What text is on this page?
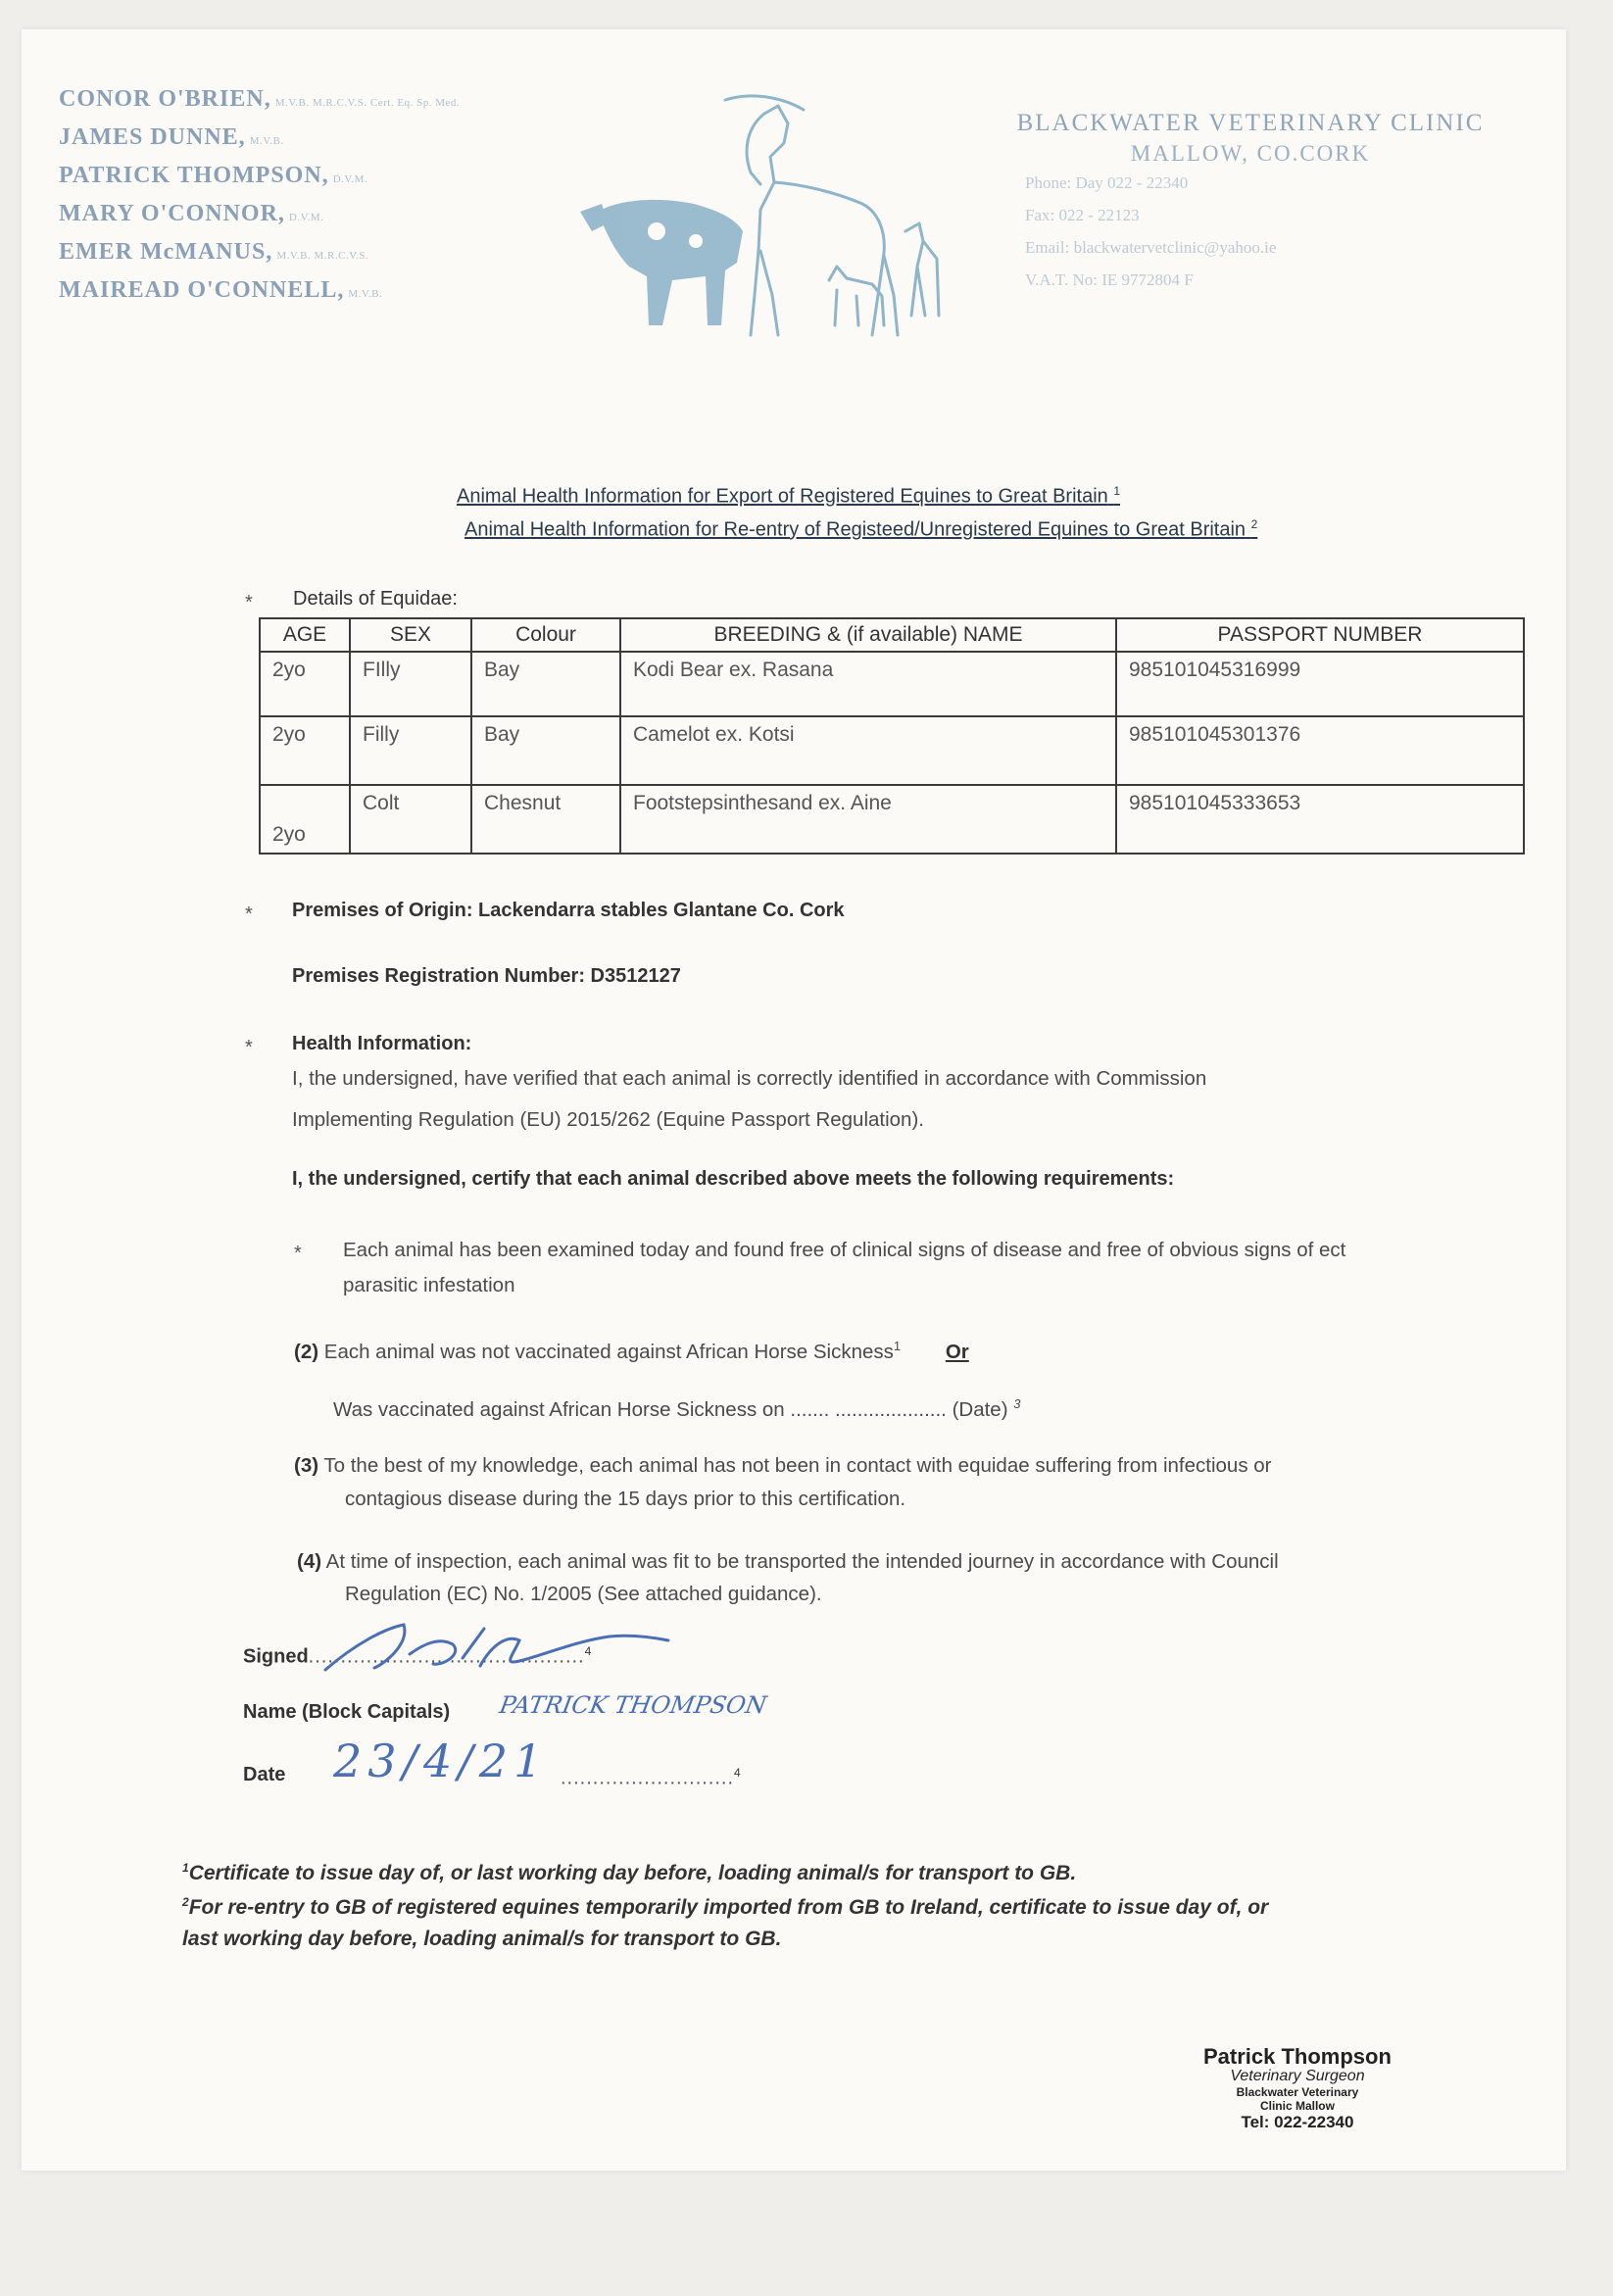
CONOR O'BRIEN, M.V.B. M.R.C.V.S. Cert. Eq. Sp. Med.
JAMES DUNNE, M.V.B.
PATRICK THOMPSON, D.V.M.
MARY O'CONNOR, D.V.M.
EMER McMANUS, M.V.B. M.R.C.V.S.
MAIREAD O'CONNELL, M.V.B.
BLACKWATER VETERINARY CLINIC
MALLOW, CO.CORK
Phone: Day 022 - 22340
Fax: 022 - 22123
Email: blackwatervetclinic@yahoo.ie
V.A.T. No: IE 9772804 F
Animal Health Information for Export of Registered Equines to Great Britain $^1$
Animal Health Information for Re-entry of Registeed/Unregistered Equines to Great Britain $^2$
* Details of Equidae:
AGE	SEX	Colour	BREEDING & (if available) NAME	PASSPORT NUMBER
2yo	FIlly	Bay	Kodi Bear ex. Rasana	985101045316999
2yo	Filly	Bay	Camelot ex. Kotsi	985101045301376
2yo	Colt	Chesnut	Footstepsinthesand ex. Aine	985101045333653
* Premises of Origin: Lackendarra stables Glantane Co. Cork
Premises Registration Number: D3512127
* Health Information:
I, the undersigned, have verified that each animal is correctly identified in accordance with Commission
Implementing Regulation (EU) 2015/262 (Equine Passport Regulation).
I, the undersigned, certify that each animal described above meets the following requirements:
* Each animal has been examined today and found free of clinical signs of disease and free of obvious signs of ect
parasitic infestation
(2) Each animal was not vaccinated against African Horse Sickness$^1$ Or
Was vaccinated against African Horse Sickness on ....... .................... (Date) $^3$
(3) To the best of my knowledge, each animal has not been in contact with equidae suffering from infectious or
contagious disease during the 15 days prior to this certification.
(4) At time of inspection, each animal was fit to be transported the intended journey in accordance with Council
Regulation (EC) No. 1/2005 (See attached guidance).
Signed...........................................$^4$
Name (Block Capitals) PATRICK THOMPSON
Date 23/4/21 ...........................$^4$
$^1$Certificate to issue day of, or last working day before, loading animal/s for transport to GB.
$^2$For re-entry to GB of registered equines temporarily imported from GB to Ireland, certificate to issue day of, or
last working day before, loading animal/s for transport to GB.
Patrick Thompson
Veterinary Surgeon
Blackwater Veterinary
Clinic Mallow
Tel: 022-22340
